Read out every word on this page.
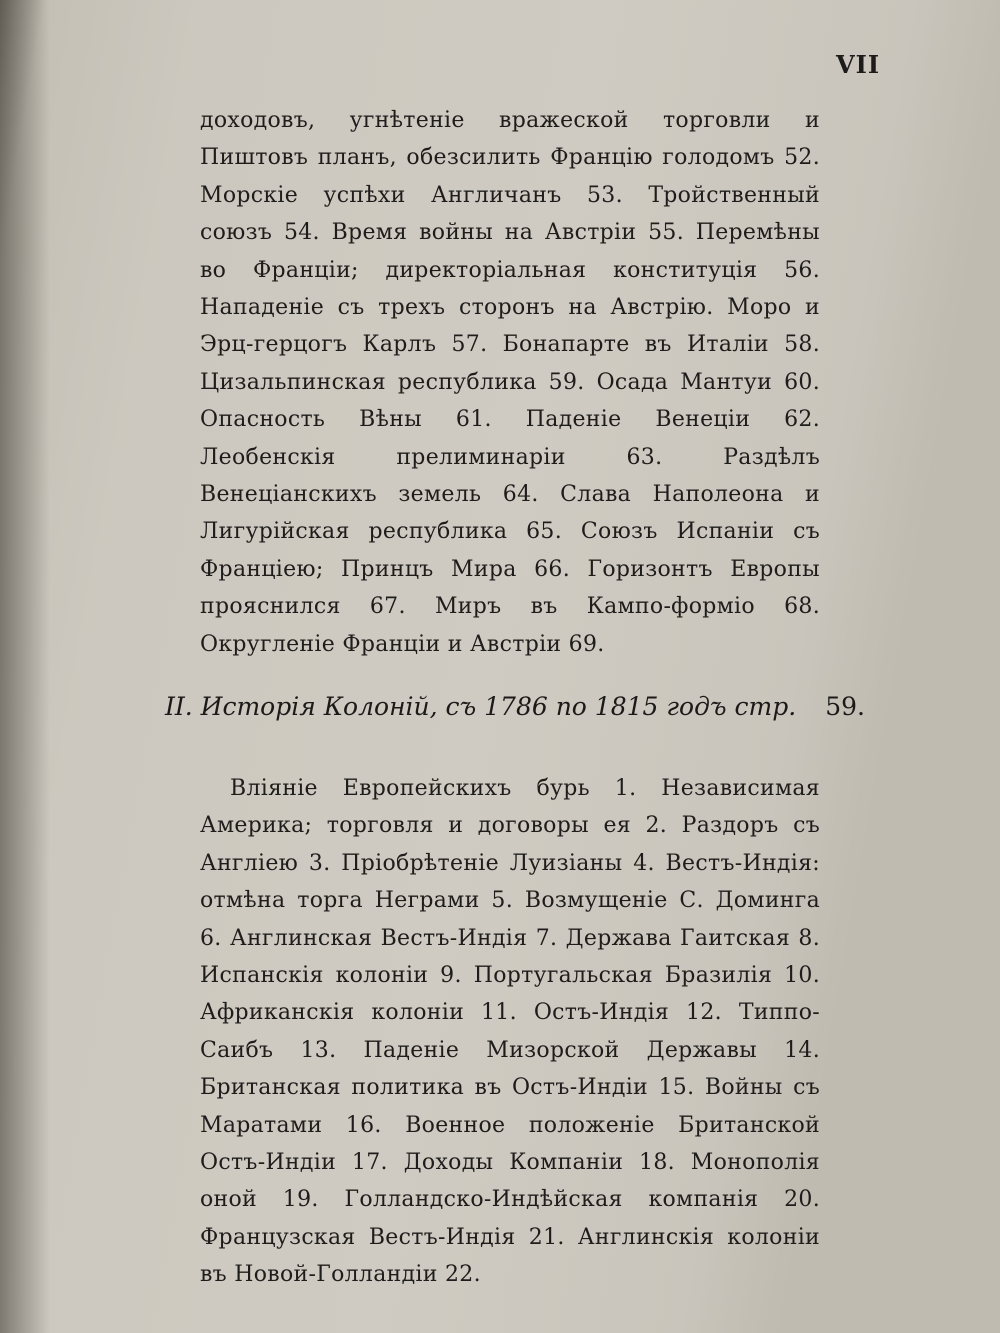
VII
доходовъ, угнѣтеніе вражеской торговли и Пиштовъ планъ, обезсилить Францію голодомъ 52. Морскіе успѣхи Англичанъ 53. Тройственный союзъ 54. Время войны на Австріи 55. Перемѣны во Франціи; директоріальная конституція 56. Нападеніе съ трехъ сторонъ на Австрію. Моро и Эрц-герцогъ Карлъ 57. Бонапарте въ Италіи 58. Цизальпинская республика 59. Осада Мантуи 60. Опасность Вѣны 61. Паденіе Венеціи 62. Леобенскія прелиминаріи 63. Раздѣлъ Венеціанскихъ земель 64. Слава Наполеона и Лигурійская республика 65. Союзъ Испаніи съ Франціею; Принцъ Мира 66. Горизонтъ Европы прояснился 67. Миръ въ Кампо-форміо 68. Округленіе Франціи и Австріи 69.
II. Исторія Колоній, съ 1786 по 1815 годъ стр. 59.
Вліяніе Европейскихъ бурь 1. Независимая Америка; торговля и договоры ея 2. Раздоръ съ Англіею 3. Пріобрѣтеніе Луизіаны 4. Вестъ-Индія: отмѣна торга Неграми 5. Возмущеніе С. Доминга 6. Англинская Вестъ-Индія 7. Держава Гаитская 8. Испанскія колоніи 9. Португальская Бразилія 10. Африканскія колоніи 11. Остъ-Индія 12. Типпо-Саибъ 13. Паденіе Мизорской Державы 14. Британская политика въ Остъ-Индіи 15. Войны съ Маратами 16. Военное положеніе Британской Остъ-Индіи 17. Доходы Компаніи 18. Монополія оной 19. Голландско-Индѣйская компанія 20. Французская Вестъ-Индія 21. Англинскія колоніи въ Новой-Голландіи 22.
